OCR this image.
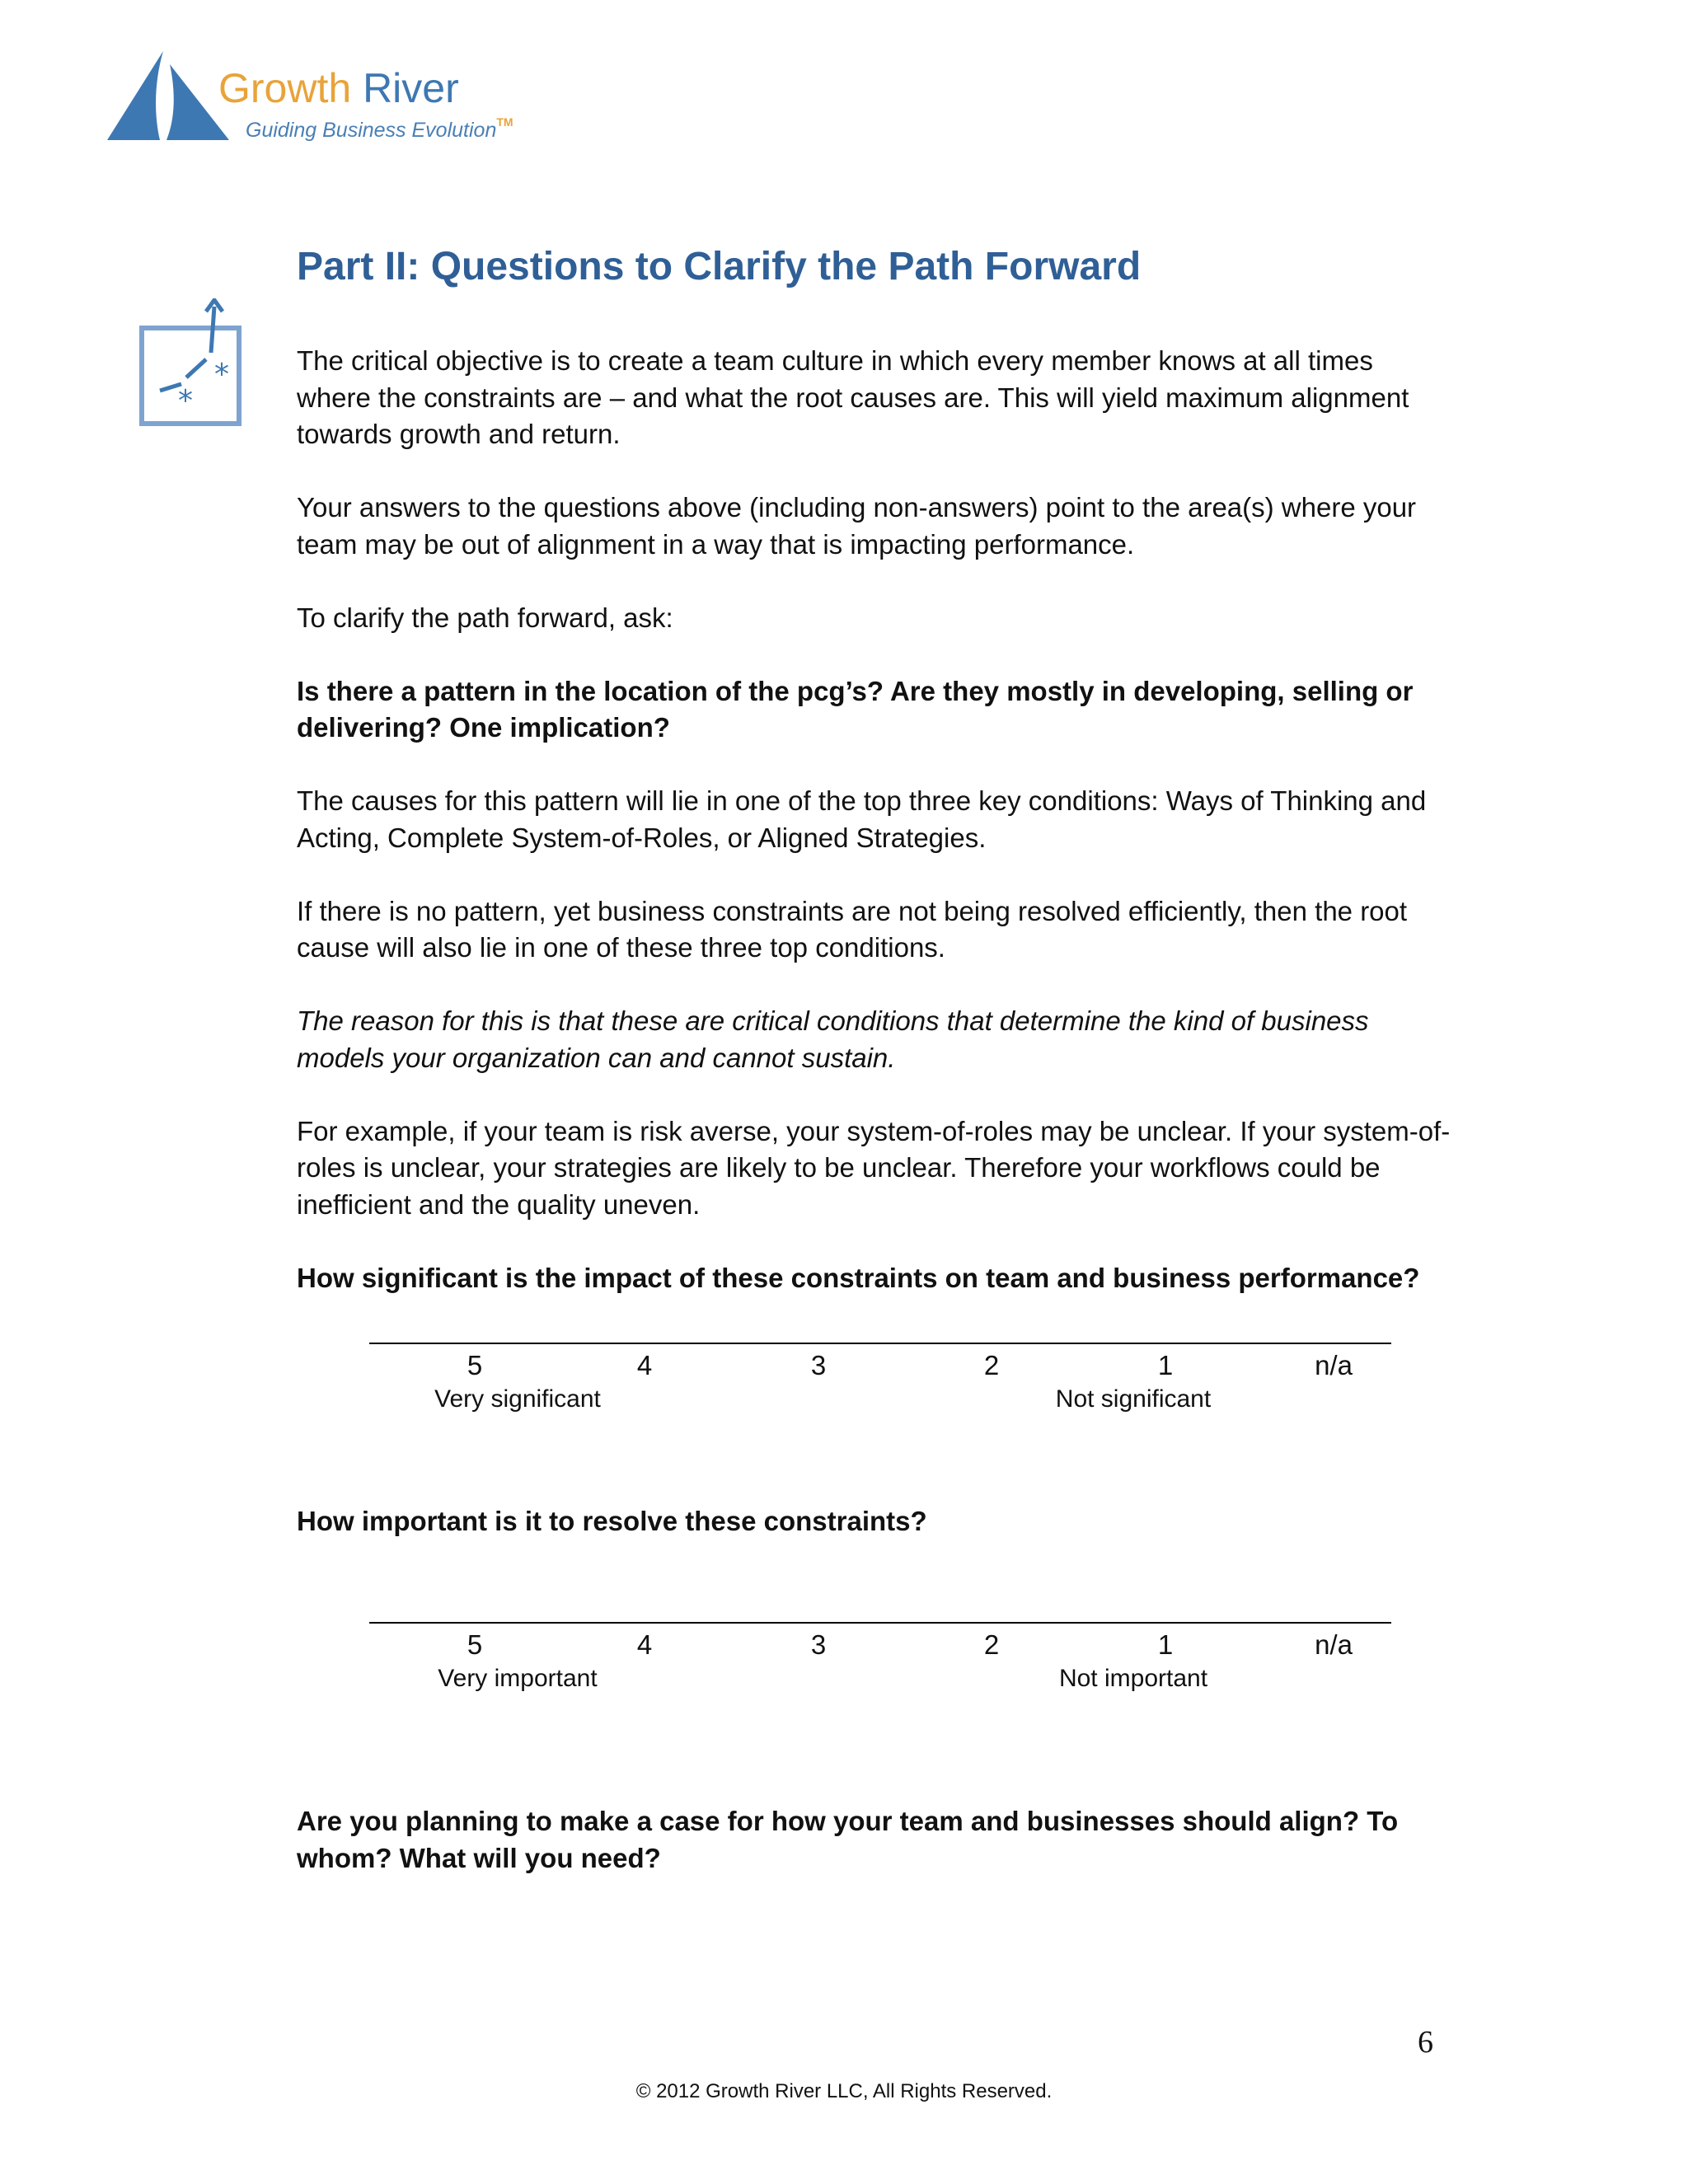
Growth River
Guiding Business Evolution™
Part II: Questions to Clarify the Path Forward
*
*

The critical objective is to create a team culture in which every member knows at all times where the constraints are – and what the root causes are. This will yield maximum alignment towards growth and return.

Your answers to the questions above (including non-answers) point to the area(s) where your team may be out of alignment in a way that is impacting performance.

To clarify the path forward, ask:

Is there a pattern in the location of the pcg’s? Are they mostly in developing, selling or delivering? One implication?

The causes for this pattern will lie in one of the top three key conditions: Ways of Thinking and Acting, Complete System-of-Roles, or Aligned Strategies.

If there is no pattern, yet business constraints are not being resolved efficiently, then the root cause will also lie in one of these three top conditions.

The reason for this is that these are critical conditions that determine the kind of business models your organization can and cannot sustain.

For example, if your team is risk averse, your system-of-roles may be unclear. If your system-of-roles is unclear, your strategies are likely to be unclear. Therefore your workflows could be inefficient and the quality uneven.

How significant is the impact of these constraints on team and business performance?

5	4	3	2	1	n/a
Very significant	Not significant
How important is it to resolve these constraints?
5	4	3	2	1	n/a
Very important	Not important
Are you planning to make a case for how your team and businesses should align? To whom? What will you need?
6
© 2012 Growth River LLC, All Rights Reserved.
